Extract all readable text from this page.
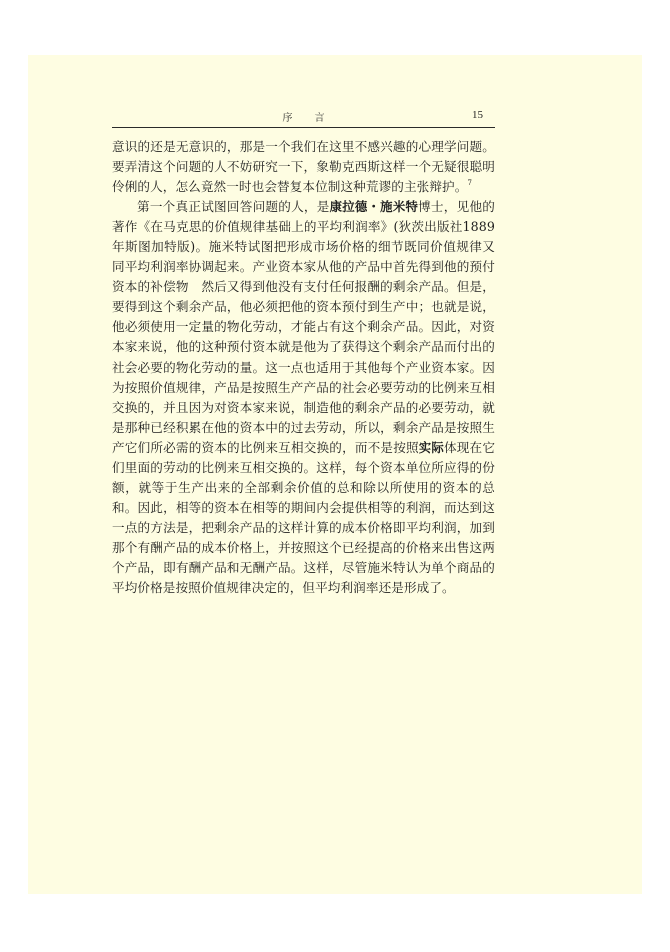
序言	15

意识的还是无意识的，那是一个我们在这里不感兴趣的心理学问题。要弄清这个问题的人不妨研究一下，象勒克西斯这样一个无疑很聪明伶俐的人，怎么竟然一时也会替复本位制这种荒谬的主张辩护。$^7$

第一个真正试图回答问题的人，是康拉德・施米特博士，见他的著作《在马克思的价值规律基础上的平均利润率》(狄茨出版社1889年斯图加特版)。施米特试图把形成市场价格的细节既同价值规律又同平均利润率协调起来。产业资本家从他的产品中首先得到他的预付资本的补偿物　然后又得到他没有支付任何报酬的剩余产品。但是，要得到这个剩余产品，他必须把他的资本预付到生产中；也就是说，他必须使用一定量的物化劳动，才能占有这个剩余产品。因此，对资本家来说，他的这种预付资本就是他为了获得这个剩余产品而付出的社会必要的物化劳动的量。这一点也适用于其他每个产业资本家。因为按照价值规律，产品是按照生产产品的社会必要劳动的比例来互相交换的，并且因为对资本家来说，制造他的剩余产品的必要劳动，就是那种已经积累在他的资本中的过去劳动，所以，剩余产品是按照生产它们所必需的资本的比例来互相交换的，而不是按照实际体现在它们里面的劳动的比例来互相交换的。这样，每个资本单位所应得的份额，就等于生产出来的全部剩余价值的总和除以所使用的资本的总和。因此，相等的资本在相等的期间内会提供相等的利润，而达到这一点的方法是，把剩余产品的这样计算的成本价格即平均利润，加到那个有酬产品的成本价格上，并按照这个已经提高的价格来出售这两个产品，即有酬产品和无酬产品。这样，尽管施米特认为单个商品的平均价格是按照价值规律决定的，但平均利润率还是形成了。
